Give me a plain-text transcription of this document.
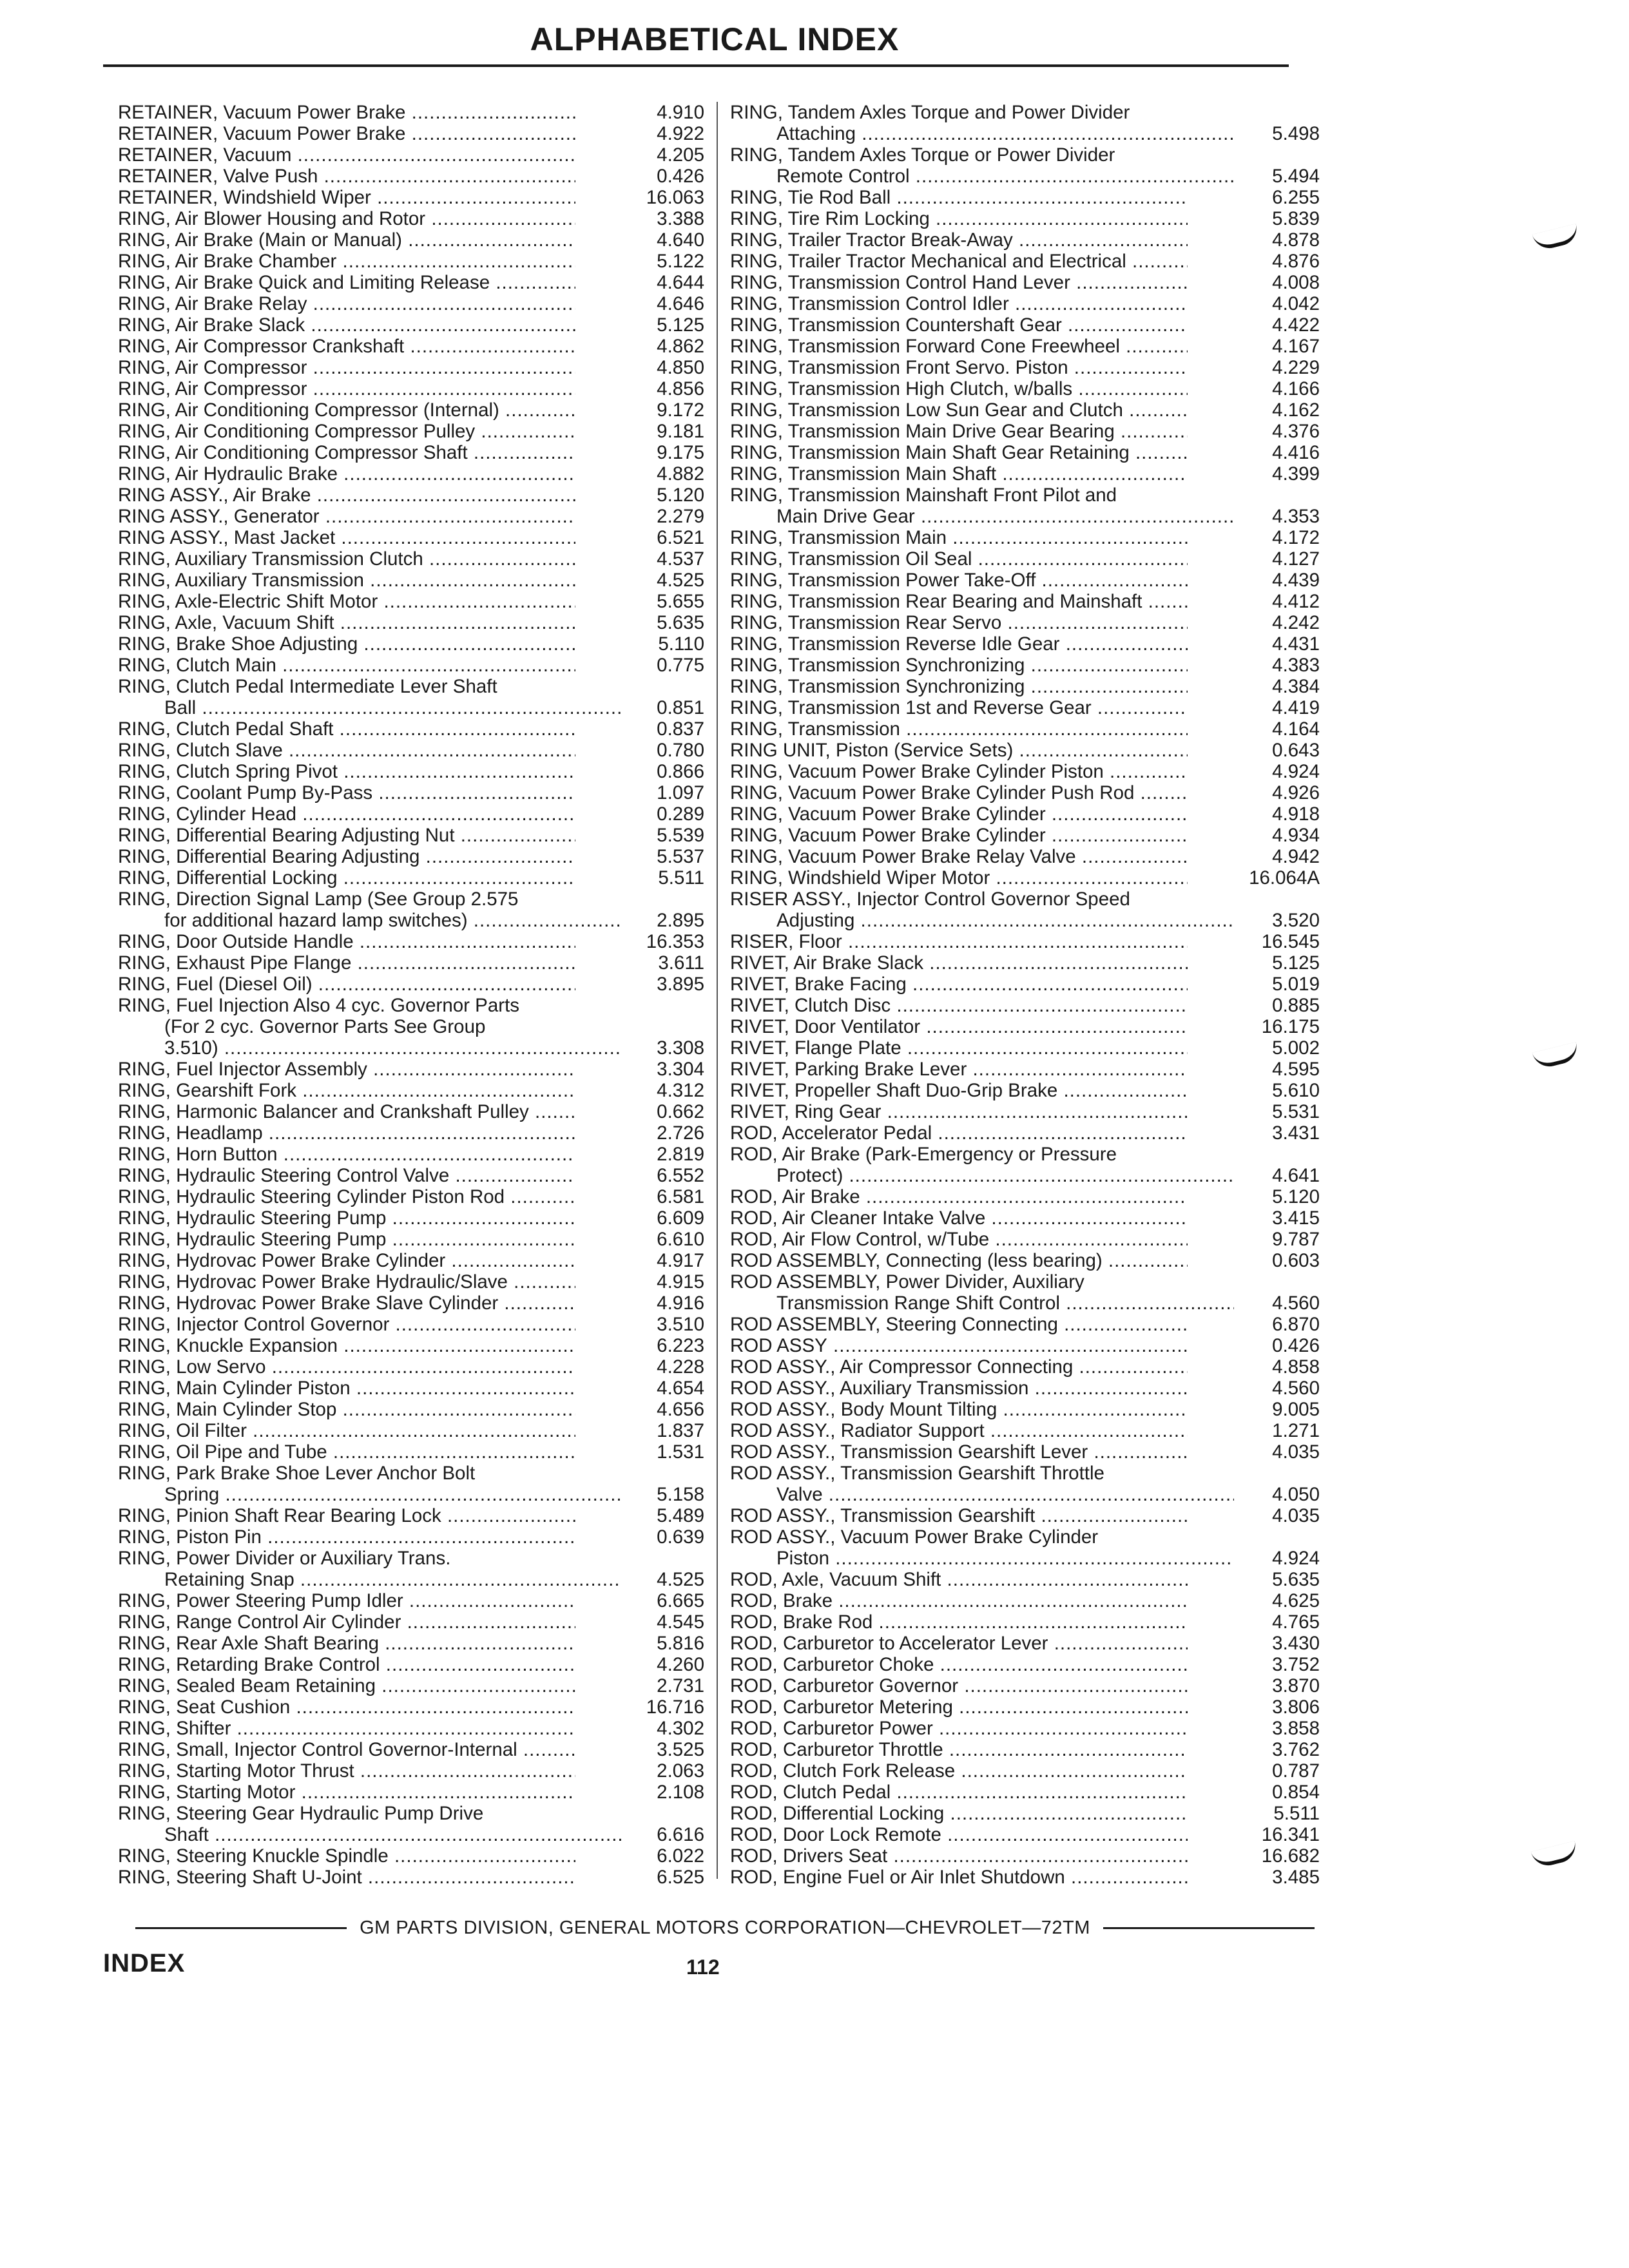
ALPHABETICAL INDEX
RETAINER, Vacuum Power Brake .....	4.910
RETAINER, Vacuum Power Brake .....	4.922
RETAINER, Vacuum .....	4.205
RETAINER, Valve Push .....	0.426
RETAINER, Windshield Wiper .....	16.063
RING, Air Blower Housing and Rotor .....	3.388
RING, Air Brake (Main or Manual) .....	4.640
RING, Air Brake Chamber .....	5.122
RING, Air Brake Quick and Limiting Release .....	4.644
RING, Air Brake Relay .....	4.646
RING, Air Brake Slack .....	5.125
RING, Air Compressor Crankshaft .....	4.862
RING, Air Compressor .....	4.850
RING, Air Compressor .....	4.856
RING, Air Conditioning Compressor (Internal) .....	9.172
RING, Air Conditioning Compressor Pulley .....	9.181
RING, Air Conditioning Compressor Shaft .....	9.175
RING, Air Hydraulic Brake .....	4.882
RING ASSY., Air Brake .....	5.120
RING ASSY., Generator .....	2.279
RING ASSY., Mast Jacket .....	6.521
RING, Auxiliary Transmission Clutch .....	4.537
RING, Auxiliary Transmission .....	4.525
RING, Axle-Electric Shift Motor .....	5.655
RING, Axle, Vacuum Shift .....	5.635
RING, Brake Shoe Adjusting .....	5.110
RING, Clutch Main .....	0.775
RING, Clutch Pedal Intermediate Lever Shaft
Ball .....	0.851
RING, Clutch Pedal Shaft .....	0.837
RING, Clutch Slave .....	0.780
RING, Clutch Spring Pivot .....	0.866
RING, Coolant Pump By-Pass .....	1.097
RING, Cylinder Head .....	0.289
RING, Differential Bearing Adjusting Nut .....	5.539
RING, Differential Bearing Adjusting .....	5.537
RING, Differential Locking .....	5.511
RING, Direction Signal Lamp (See Group 2.575
for additional hazard lamp switches) .....	2.895
RING, Door Outside Handle .....	16.353
RING, Exhaust Pipe Flange .....	3.611
RING, Fuel (Diesel Oil) .....	3.895
RING, Fuel Injection Also 4 cyc. Governor Parts
(For 2 cyc. Governor Parts See Group
3.510) .....	3.308
RING, Fuel Injector Assembly .....	3.304
RING, Gearshift Fork .....	4.312
RING, Harmonic Balancer and Crankshaft Pulley .....	0.662
RING, Headlamp .....	2.726
RING, Horn Button .....	2.819
RING, Hydraulic Steering Control Valve .....	6.552
RING, Hydraulic Steering Cylinder Piston Rod .....	6.581
RING, Hydraulic Steering Pump .....	6.609
RING, Hydraulic Steering Pump .....	6.610
RING, Hydrovac Power Brake Cylinder .....	4.917
RING, Hydrovac Power Brake Hydraulic/Slave .....	4.915
RING, Hydrovac Power Brake Slave Cylinder .....	4.916
RING, Injector Control Governor .....	3.510
RING, Knuckle Expansion .....	6.223
RING, Low Servo .....	4.228
RING, Main Cylinder Piston .....	4.654
RING, Main Cylinder Stop .....	4.656
RING, Oil Filter .....	1.837
RING, Oil Pipe and Tube .....	1.531
RING, Park Brake Shoe Lever Anchor Bolt
Spring .....	5.158
RING, Pinion Shaft Rear Bearing Lock .....	5.489
RING, Piston Pin .....	0.639
RING, Power Divider or Auxiliary Trans.
Retaining Snap .....	4.525
RING, Power Steering Pump Idler .....	6.665
RING, Range Control Air Cylinder .....	4.545
RING, Rear Axle Shaft Bearing .....	5.816
RING, Retarding Brake Control .....	4.260
RING, Sealed Beam Retaining .....	2.731
RING, Seat Cushion .....	16.716
RING, Shifter .....	4.302
RING, Small, Injector Control Governor-Internal .....	3.525
RING, Starting Motor Thrust .....	2.063
RING, Starting Motor .....	2.108
RING, Steering Gear Hydraulic Pump Drive
Shaft .....	6.616
RING, Steering Knuckle Spindle .....	6.022
RING, Steering Shaft U-Joint .....	6.525
RING, Tandem Axles Torque and Power Divider
Attaching .....	5.498
RING, Tandem Axles Torque or Power Divider
Remote Control .....	5.494
RING, Tie Rod Ball .....	6.255
RING, Tire Rim Locking .....	5.839
RING, Trailer Tractor Break-Away .....	4.878
RING, Trailer Tractor Mechanical and Electrical .....	4.876
RING, Transmission Control Hand Lever .....	4.008
RING, Transmission Control Idler .....	4.042
RING, Transmission Countershaft Gear .....	4.422
RING, Transmission Forward Cone Freewheel .....	4.167
RING, Transmission Front Servo. Piston .....	4.229
RING, Transmission High Clutch, w/balls .....	4.166
RING, Transmission Low Sun Gear and Clutch .....	4.162
RING, Transmission Main Drive Gear Bearing .....	4.376
RING, Transmission Main Shaft Gear Retaining .....	4.416
RING, Transmission Main Shaft .....	4.399
RING, Transmission Mainshaft Front Pilot and
Main Drive Gear .....	4.353
RING, Transmission Main .....	4.172
RING, Transmission Oil Seal .....	4.127
RING, Transmission Power Take-Off .....	4.439
RING, Transmission Rear Bearing and Mainshaft .....	4.412
RING, Transmission Rear Servo .....	4.242
RING, Transmission Reverse Idle Gear .....	4.431
RING, Transmission Synchronizing .....	4.383
RING, Transmission Synchronizing .....	4.384
RING, Transmission 1st and Reverse Gear .....	4.419
RING, Transmission .....	4.164
RING UNIT, Piston (Service Sets) .....	0.643
RING, Vacuum Power Brake Cylinder Piston .....	4.924
RING, Vacuum Power Brake Cylinder Push Rod .....	4.926
RING, Vacuum Power Brake Cylinder .....	4.918
RING, Vacuum Power Brake Cylinder .....	4.934
RING, Vacuum Power Brake Relay Valve .....	4.942
RING, Windshield Wiper Motor .....	16.064A
RISER ASSY., Injector Control Governor Speed
Adjusting .....	3.520
RISER, Floor .....	16.545
RIVET, Air Brake Slack .....	5.125
RIVET, Brake Facing .....	5.019
RIVET, Clutch Disc .....	0.885
RIVET, Door Ventilator .....	16.175
RIVET, Flange Plate .....	5.002
RIVET, Parking Brake Lever .....	4.595
RIVET, Propeller Shaft Duo-Grip Brake .....	5.610
RIVET, Ring Gear .....	5.531
ROD, Accelerator Pedal .....	3.431
ROD, Air Brake (Park-Emergency or Pressure
Protect) .....	4.641
ROD, Air Brake .....	5.120
ROD, Air Cleaner Intake Valve .....	3.415
ROD, Air Flow Control, w/Tube .....	9.787
ROD ASSEMBLY, Connecting (less bearing) .....	0.603
ROD ASSEMBLY, Power Divider, Auxiliary
Transmission Range Shift Control .....	4.560
ROD ASSEMBLY, Steering Connecting .....	6.870
ROD ASSY .....	0.426
ROD ASSY., Air Compressor Connecting .....	4.858
ROD ASSY., Auxiliary Transmission .....	4.560
ROD ASSY., Body Mount Tilting .....	9.005
ROD ASSY., Radiator Support .....	1.271
ROD ASSY., Transmission Gearshift Lever .....	4.035
ROD ASSY., Transmission Gearshift Throttle
Valve .....	4.050
ROD ASSY., Transmission Gearshift .....	4.035
ROD ASSY., Vacuum Power Brake Cylinder
Piston .....	4.924
ROD, Axle, Vacuum Shift .....	5.635
ROD, Brake .....	4.625
ROD, Brake Rod .....	4.765
ROD, Carburetor to Accelerator Lever .....	3.430
ROD, Carburetor Choke .....	3.752
ROD, Carburetor Governor .....	3.870
ROD, Carburetor Metering .....	3.806
ROD, Carburetor Power .....	3.858
ROD, Carburetor Throttle .....	3.762
ROD, Clutch Fork Release .....	0.787
ROD, Clutch Pedal .....	0.854
ROD, Differential Locking .....	5.511
ROD, Door Lock Remote .....	16.341
ROD, Drivers Seat .....	16.682
ROD, Engine Fuel or Air Inlet Shutdown .....	3.485
GM PARTS DIVISION, GENERAL MOTORS CORPORATION—CHEVROLET—72TM
INDEX	112
